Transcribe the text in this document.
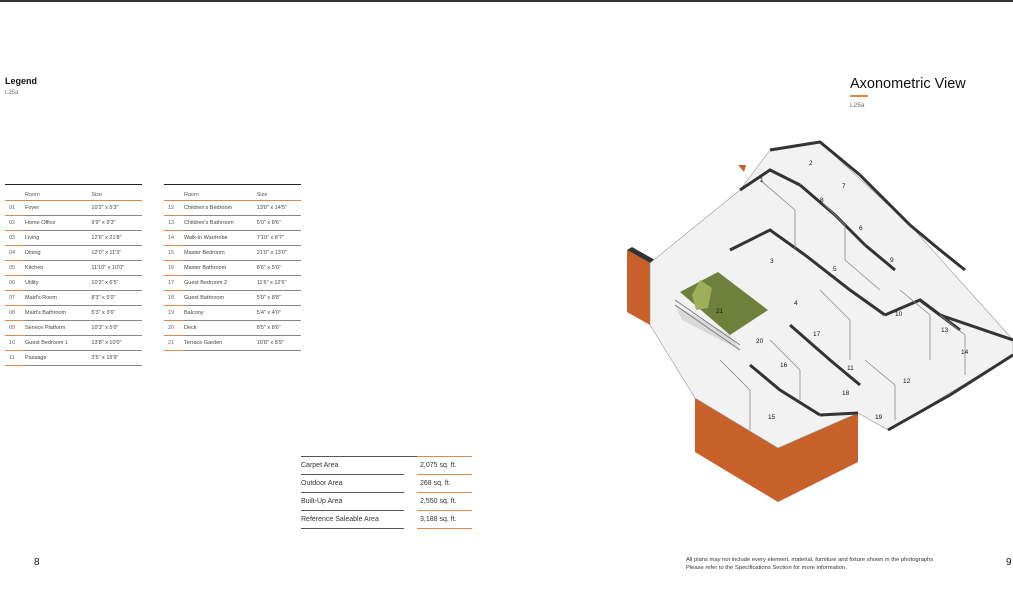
Legend
L25a
	Room	Size
01	Foyer	10'2" x 5'3"
02	Home Office	9'9" x 9'3"
03	Living	12'6" x 21'8"
04	Dining	12'0" x 11'3"
05	Kitchen	11'10" x 10'0"
06	Utility	10'3" x 6'5"
07	Maid's Room	8'3" x 5'0"
08	Maid's Bathroom	5'3" x 3'6"
09	Service Platform	10'3" x 5'0"
10	Guest Bedroom 1	13'8" x 10'0"
11	Passage	3'5" x 15'9"
	Room	Size
12	Children's Bedroom	13'8" x 14'5"
13	Children's Bathroom	5'0" x 8'6"
14	Walk-in Wardrobe	7'10" x 8'7"
15	Master Bedroom	21'0" x 13'0"
16	Master Bathroom	8'6" x 5'0"
17	Guest Bedroom 2	11'6" x 12'6"
18	Guest Bathroom	5'0" x 8'8"
19	Balcony	5'4" x 4'0"
20	Deck	8'5" x 8'6"
21	Terrace Garden	16'8" x 8'9"
Carpet Area		2,075 sq. ft.
Outdoor Area		268 sq. ft.
Built-Up Area		2,550 sq. ft.
Reference Saleable Area		3,188 sq. ft.
Axonometric View
L25a
1
2
3
4
5
6
7
8
9
10
11
12
13
14
15
16
17
18
19
20
21
8	9
All plans may not include every element, material, furniture and fixture shown in the photographs
Please refer to the Specifications Section for more information.
